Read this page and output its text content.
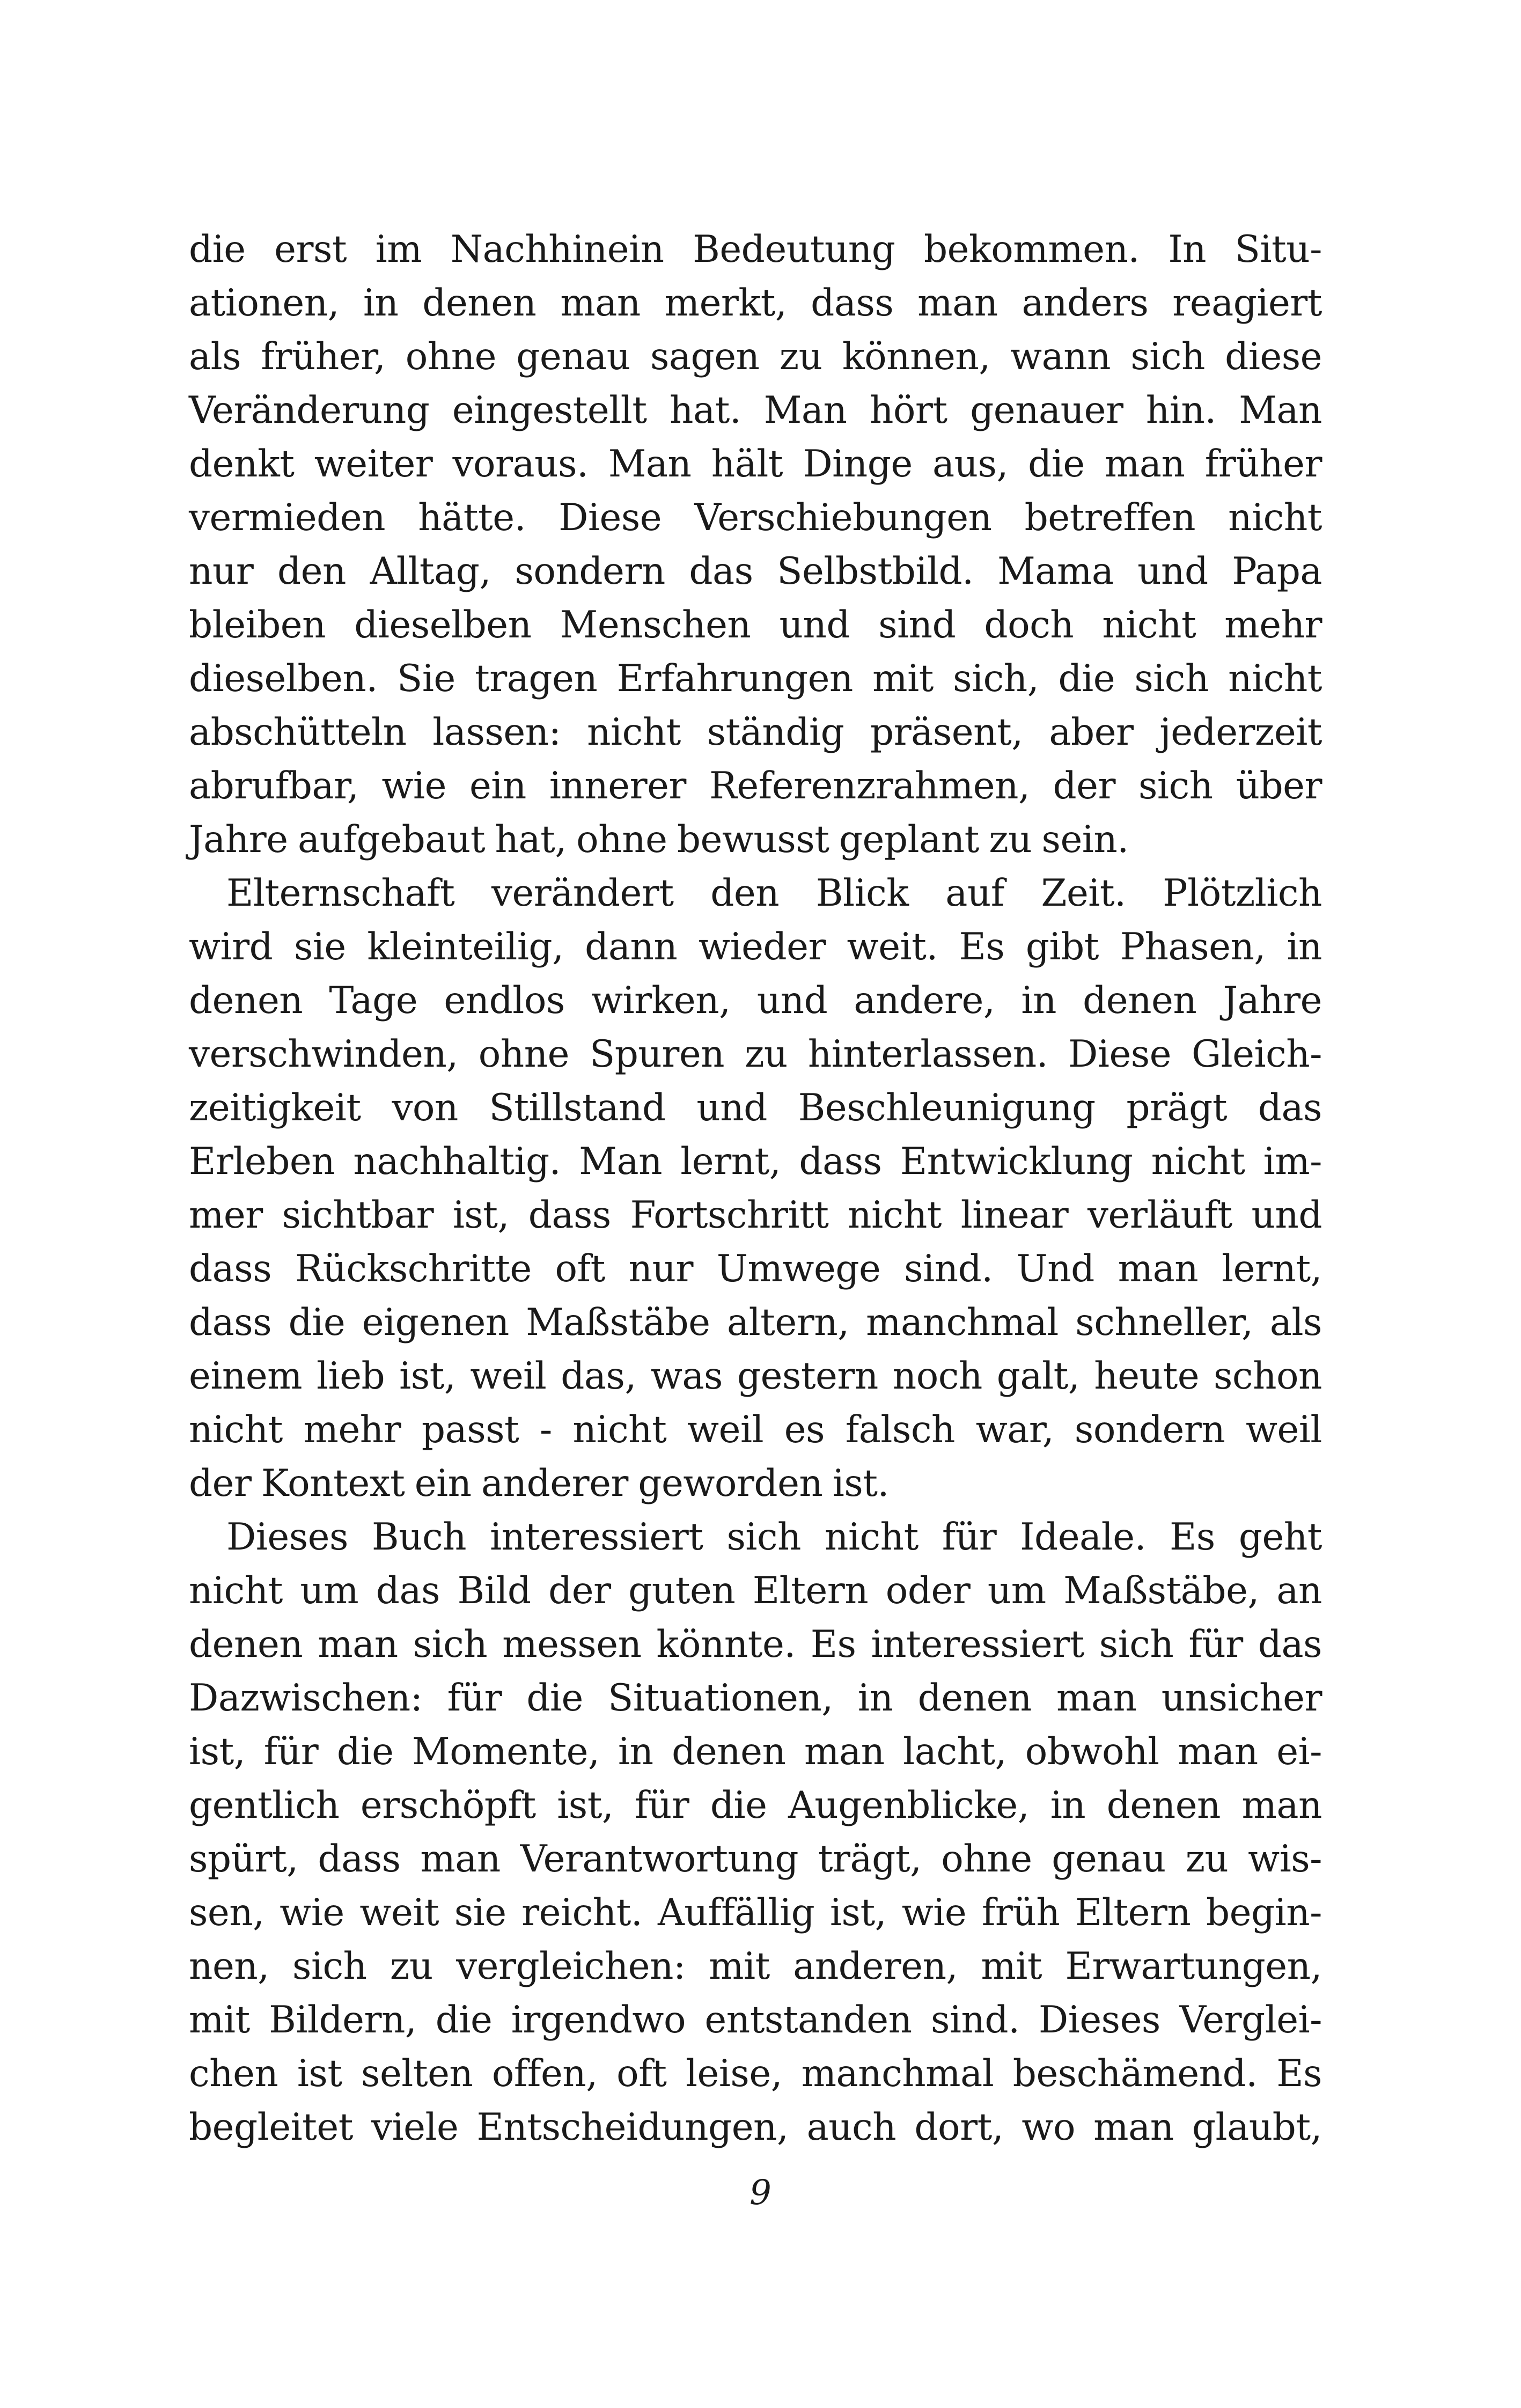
die erst im Nachhinein Bedeutung bekommen. In Situ-
ationen, in denen man merkt, dass man anders reagiert
als früher, ohne genau sagen zu können, wann sich diese
Veränderung eingestellt hat. Man hört genauer hin. Man
denkt weiter voraus. Man hält Dinge aus, die man früher
vermieden hätte. Diese Verschiebungen betreffen nicht
nur den Alltag, sondern das Selbstbild. Mama und Papa
bleiben dieselben Menschen und sind doch nicht mehr
dieselben. Sie tragen Erfahrungen mit sich, die sich nicht
abschütteln lassen: nicht ständig präsent, aber jederzeit
abrufbar, wie ein innerer Referenzrahmen, der sich über
Jahre aufgebaut hat, ohne bewusst geplant zu sein.
Elternschaft verändert den Blick auf Zeit. Plötzlich
wird sie kleinteilig, dann wieder weit. Es gibt Phasen, in
denen Tage endlos wirken, und andere, in denen Jahre
verschwinden, ohne Spuren zu hinterlassen. Diese Gleich-
zeitigkeit von Stillstand und Beschleunigung prägt das
Erleben nachhaltig. Man lernt, dass Entwicklung nicht im-
mer sichtbar ist, dass Fortschritt nicht linear verläuft und
dass Rückschritte oft nur Umwege sind. Und man lernt,
dass die eigenen Maßstäbe altern, manchmal schneller, als
einem lieb ist, weil das, was gestern noch galt, heute schon
nicht mehr passt - nicht weil es falsch war, sondern weil
der Kontext ein anderer geworden ist.
Dieses Buch interessiert sich nicht für Ideale. Es geht
nicht um das Bild der guten Eltern oder um Maßstäbe, an
denen man sich messen könnte. Es interessiert sich für das
Dazwischen: für die Situationen, in denen man unsicher
ist, für die Momente, in denen man lacht, obwohl man ei-
gentlich erschöpft ist, für die Augenblicke, in denen man
spürt, dass man Verantwortung trägt, ohne genau zu wis-
sen, wie weit sie reicht. Auffällig ist, wie früh Eltern begin-
nen, sich zu vergleichen: mit anderen, mit Erwartungen,
mit Bildern, die irgendwo entstanden sind. Dieses Verglei-
chen ist selten offen, oft leise, manchmal beschämend. Es
begleitet viele Entscheidungen, auch dort, wo man glaubt,
9
